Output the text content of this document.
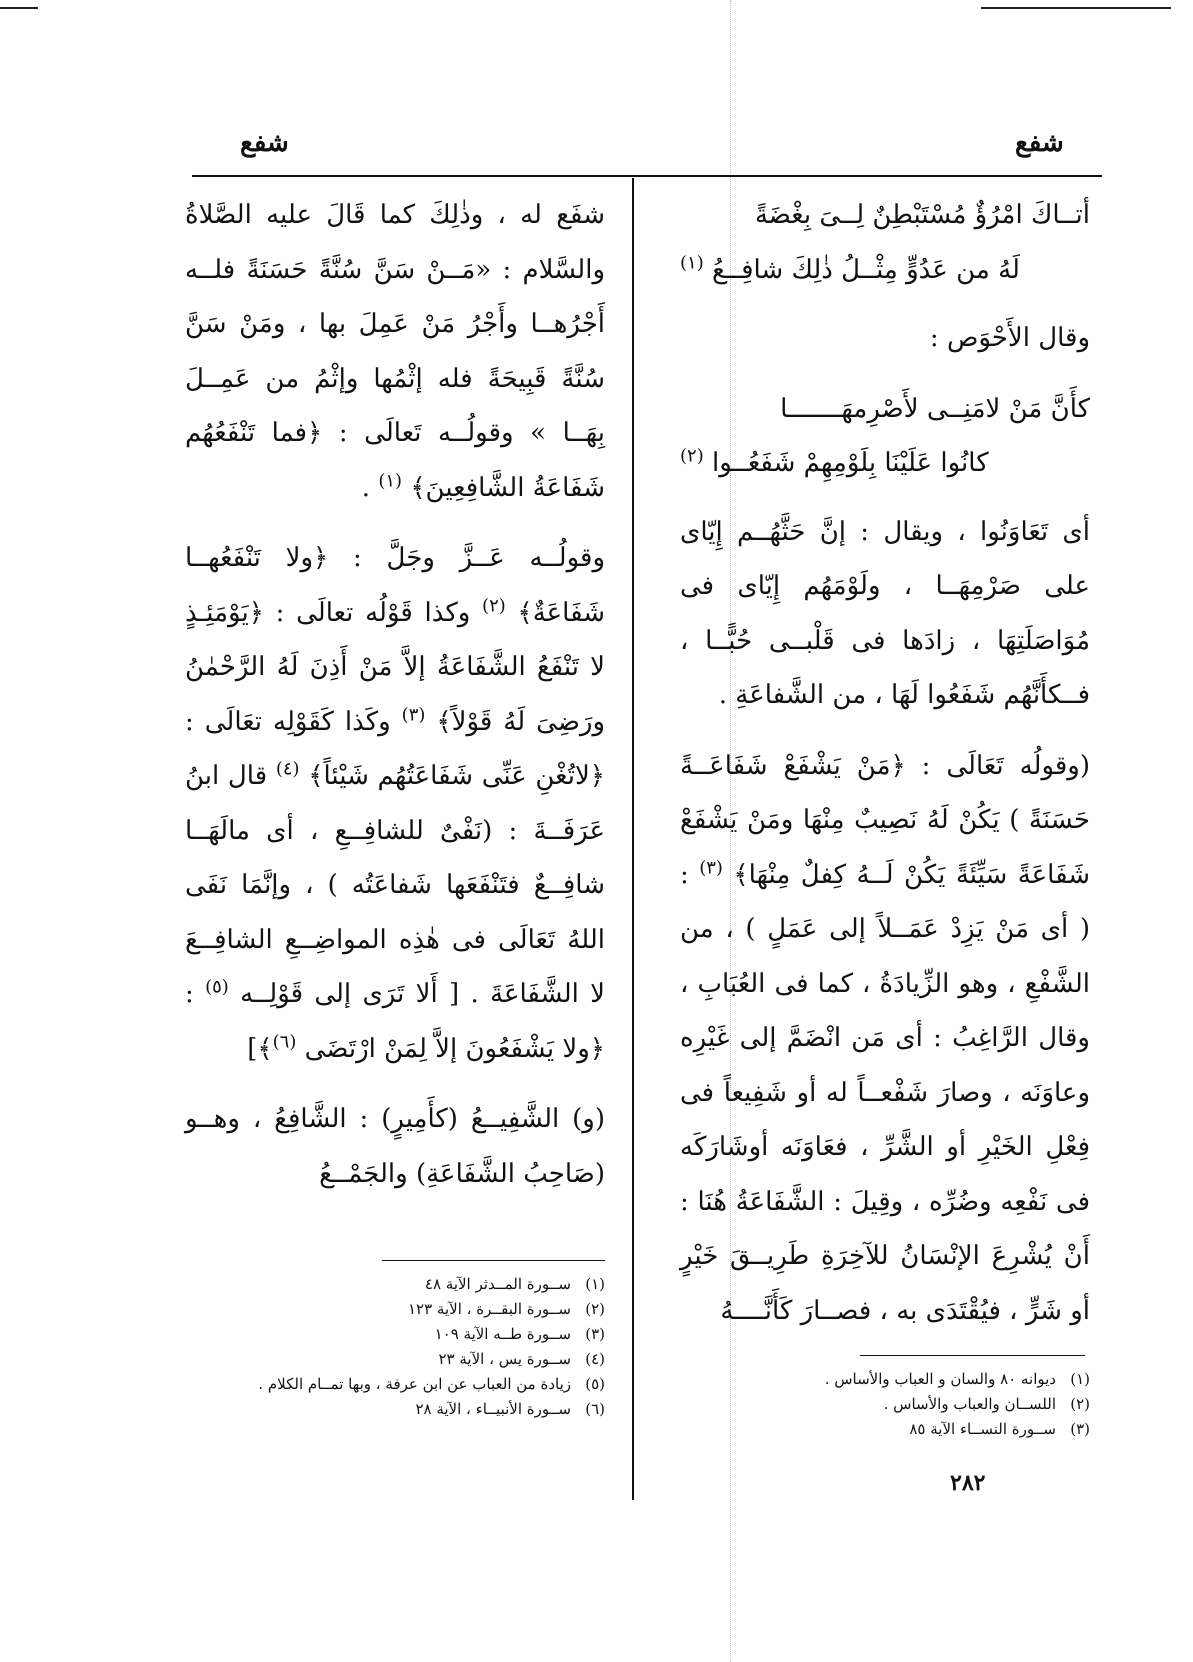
شفع
شفع
أتــاكَ امْرُؤٌ مُسْتَبْطِنٌ لِــىَ بِغْضَةً
لَهُ من عَدُوٍّ مِثْــلُ ذٰلِكَ شافِــعُ $^{(١)}$

وقال الأَحْوَص :

كأَنَّ مَنْ لامَنِــى لأَصْرِمهَـــــــا
كانُوا عَلَيْنَا بِلَوْمِهِمْ شَفَعُــوا $^{(٢)}$

أى تَعَاوَنُوا ، ويقال : إنَّ حَثَّهُــم إِيّاى على صَرْمِهَــا ، ولَوْمَهُم إِيّاى فى مُوَاصَلَتِهَا ، زادَها فى قَلْبــى حُبًّــا ، فــكأَنَّهُم شَفَعُوا لَهَا ، من الشَّفاعَةِ .

(وقولُه تَعَالَى : ﴿مَنْ يَشْفَعْ شَفَاعَــةً حَسَنَةً ) يَكُنْ لَهُ نَصِيبٌ مِنْهَا ومَنْ يَشْفَعْ شَفَاعَةً سَيِّئَةً يَكُنْ لَــهُ كِفلٌ مِنْهَا﴾ $^{(٣)}$ : ( أى مَنْ يَزِدْ عَمَــلاً إلى عَمَلٍ ) ، من الشَّفْعِ ، وهو الزِّيادَةُ ، كما فى العُبَابِ ، وقال الرَّاغِبُ : أى مَن انْضَمَّ إلى غَيْرِه وعاوَنَه ، وصارَ شَفْعــاً له أو شَفِيعاً فى فِعْلِ الخَيْرِ أو الشَّرِّ ، فعَاوَنَه أوشَارَكَه فى نَفْعِه وضُرِّه ، وقِيلَ : الشَّفَاعَةُ هُنَا : أَنْ يُشْرِعَ الإنْسَانُ للآخِرَةِ طَرِيــقَ خَيْرٍ أو شَرٍّ ، فيُقْتَدَى به ، فصــارَ كَأَنَّــــهُ

شفَع له ، وذٰلِكَ كما قَالَ عليه الصَّلاةُ والسَّلام : «مَــنْ سَنَّ سُنَّةً حَسَنَةً فلــه أَجْرُهــا وأَجْرُ مَنْ عَمِلَ بها ، ومَنْ سَنَّ سُنَّةً قَبِيحَةً فله إثْمُها وإثْمُ من عَمِــلَ بِهَــا » وقولُــه تَعالَى : ﴿فما تَنْفَعُهُم شَفَاعَةُ الشَّافِعِينَ﴾ $^{(١)}$ .

وقولُــه عَــزَّ وجَلَّ : ﴿ولا تَنْفَعُهــا شَفَاعَةٌ﴾ $^{(٢)}$ وكذا قَوْلُه تعالَى : ﴿يَوْمَئِـذٍ لا تَنْفَعُ الشَّفَاعَةُ إلاَّ مَنْ أَذِنَ لَهُ الرَّحْمٰنُ ورَضِىَ لَهُ قَوْلاً﴾ $^{(٣)}$ وكَذا كَقَوْلِه تعَالَى : ﴿لاتُغْنِ عَنِّى شَفَاعَتُهُم شَيْئاً﴾ $^{(٤)}$ قال ابنُ عَرَفَــةَ : (نَفْىٌ للشافِــعِ ، أى مالَهَــا شافِــعٌ فتَنْفَعَها شَفاعَتُه ) ، وإنَّمَا نَفَى اللهُ تَعَالَى فى هٰذِه المواضِــعِ الشافِــعَ لا الشَّفَاعَةَ . [ أَلا تَرَى إلى قَوْلِــه $^{(٥)}$ : ﴿ولا يَشْفَعُونَ إلاَّ لِمَنْ ارْتَضَى $^{(٦)}$﴾]

(و) الشَّفِيــعُ (كأَمِيرٍ) : الشَّافِعُ ، وهــو (صَاحِبُ الشَّفَاعَةِ) والجَمْــعُ

(١)ســورة المــدثر الآية ٤٨
(٢)ســورة البقــرة ، الآية ١٢٣
(٣)ســورة طــه الآية ١٠٩
(٤)ســورة يس ، الآية ٢٣
(٥)زيادة من العباب عن ابن عرفة ، وبها تمــام الكلام .
(٦)ســورة الأنبيــاء ، الآية ٢٨
(١)ديوانه ٨٠ والسان و العباب والأساس .
(٢)اللســان والعباب والأساس .
(٣)ســورة النســاء الآية ٨٥
٢٨٢
